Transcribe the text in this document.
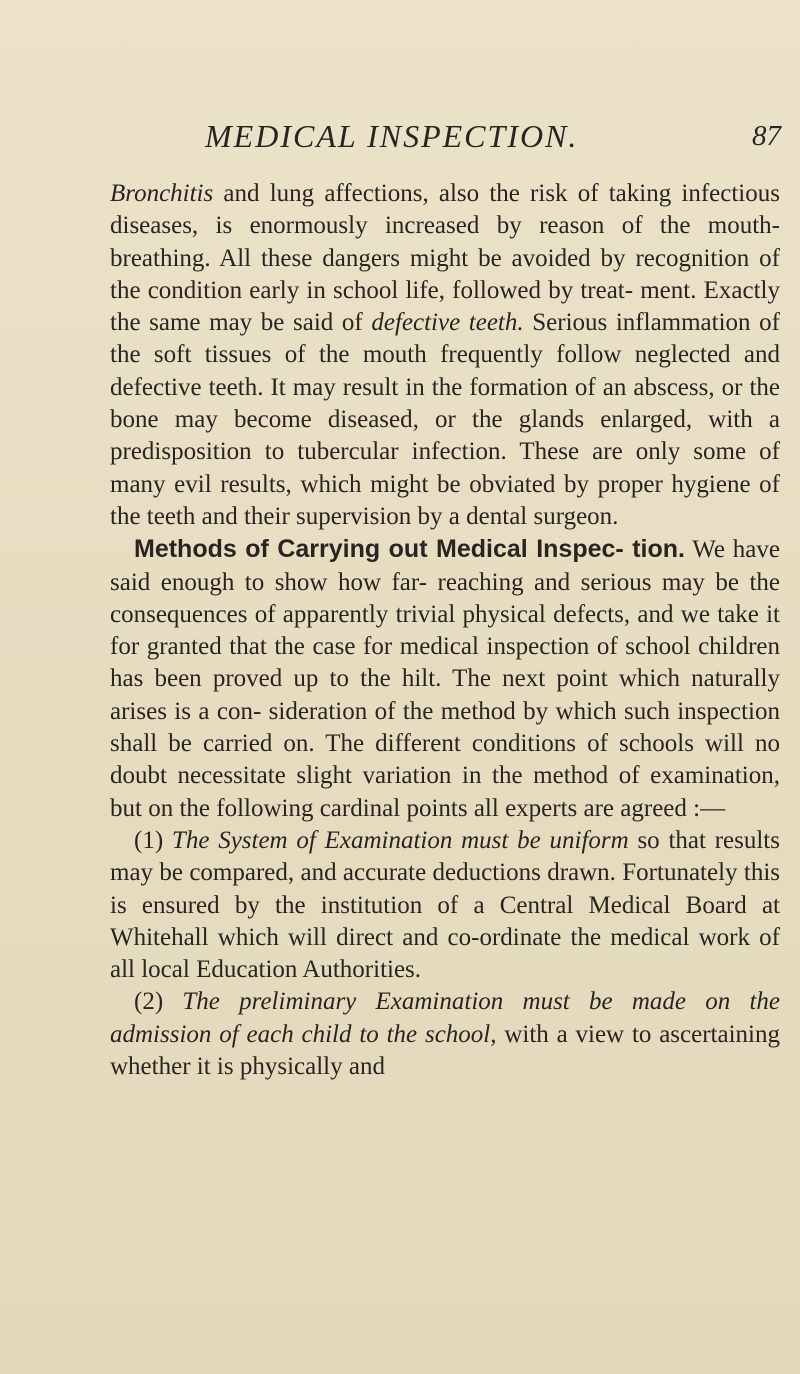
MEDICAL INSPECTION.	87

Bronchitis and lung affections, also the risk of taking infectious diseases, is enormously increased by reason of the mouth-breathing. All these dangers might be avoided by recognition of the condition early in school life, followed by treat- ment. Exactly the same may be said of defective teeth. Serious inflammation of the soft tissues of the mouth frequently follow neglected and defective teeth. It may result in the formation of an abscess, or the bone may become diseased, or the glands enlarged, with a predisposition to tubercular infection. These are only some of many evil results, which might be obviated by proper hygiene of the teeth and their supervision by a dental surgeon.

Methods of Carrying out Medical Inspec- tion. We have said enough to show how far- reaching and serious may be the consequences of apparently trivial physical defects, and we take it for granted that the case for medical inspection of school children has been proved up to the hilt. The next point which naturally arises is a con- sideration of the method by which such inspection shall be carried on. The different conditions of schools will no doubt necessitate slight variation in the method of examination, but on the following cardinal points all experts are agreed :—

(1) The System of Examination must be uniform so that results may be compared, and accurate deductions drawn. Fortunately this is ensured by the institution of a Central Medical Board at Whitehall which will direct and co-ordinate the medical work of all local Education Authorities.

(2) The preliminary Examination must be made on the admission of each child to the school, with a view to ascertaining whether it is physically and
